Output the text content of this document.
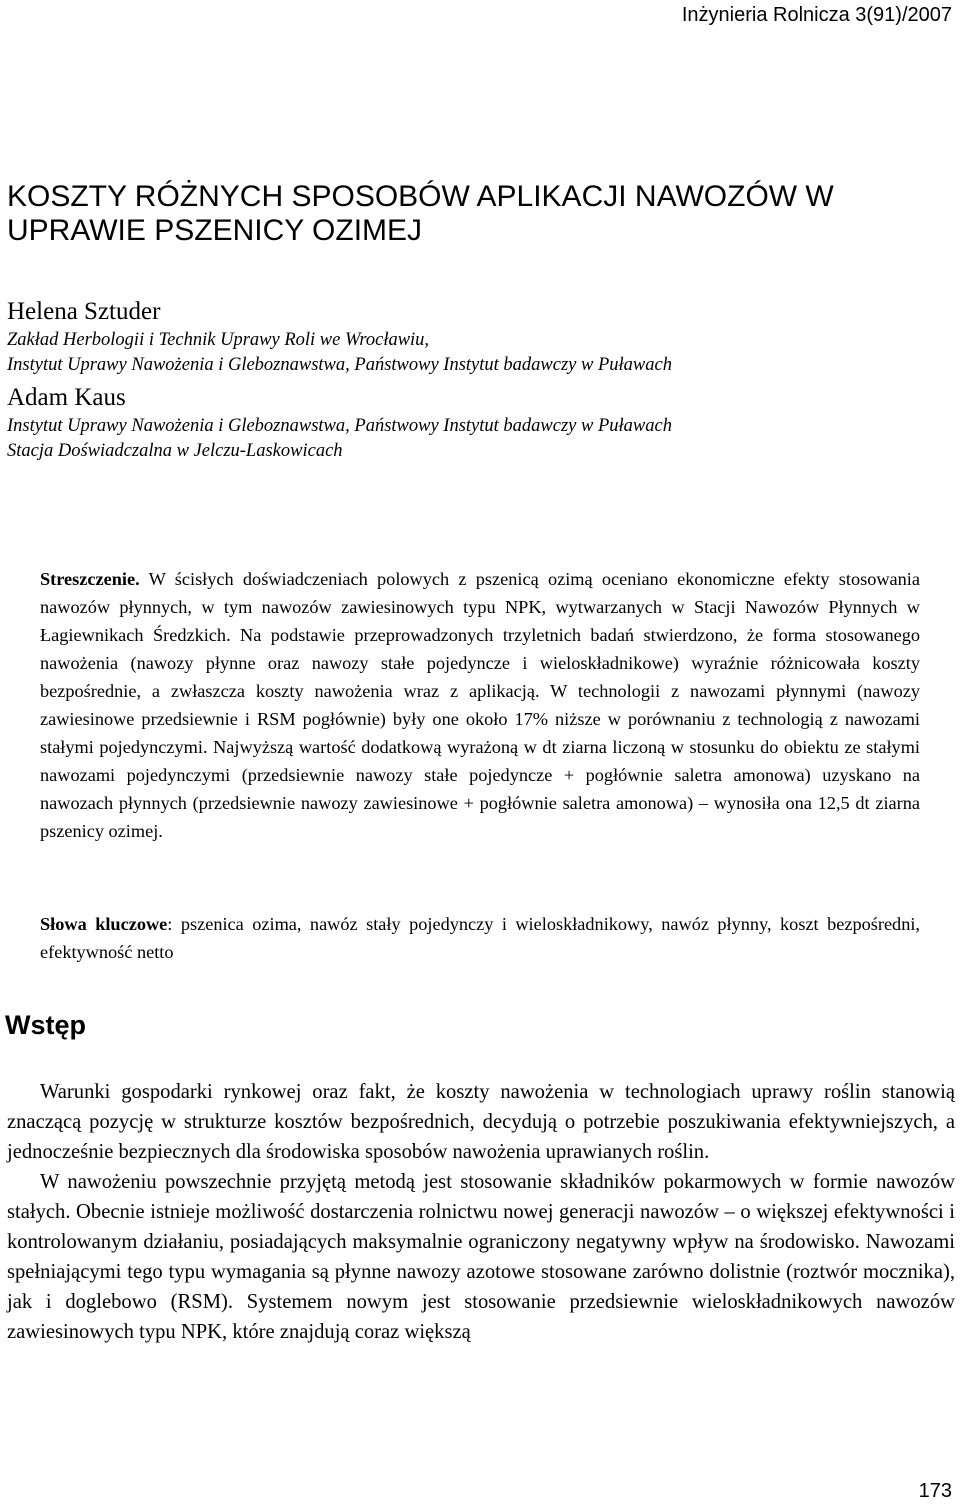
Inżynieria Rolnicza 3(91)/2007
KOSZTY RÓŻNYCH SPOSOBÓW APLIKACJI NAWOZÓW W UPRAWIE PSZENICY OZIMEJ
Helena Sztuder
Zakład Herbologii i Technik Uprawy Roli we Wrocławiu,
Instytut Uprawy Nawożenia i Gleboznawstwa, Państwowy Instytut badawczy w Puławach
Adam Kaus
Instytut Uprawy Nawożenia i Gleboznawstwa, Państwowy Instytut badawczy w Puławach
Stacja Doświadczalna w Jelczu-Laskowicach

Streszczenie. W ścisłych doświadczeniach polowych z pszenicą ozimą oceniano ekonomiczne efekty stosowania nawozów płynnych, w tym nawozów zawiesinowych typu NPK, wytwarzanych w Stacji Nawozów Płynnych w Łagiewnikach Średzkich. Na podstawie przeprowadzonych trzyletnich badań stwierdzono, że forma stosowanego nawożenia (nawozy płynne oraz nawozy stałe pojedyncze i wieloskładnikowe) wyraźnie różnicowała koszty bezpośrednie, a zwłaszcza koszty nawożenia wraz z aplikacją. W technologii z nawozami płynnymi (nawozy zawiesinowe przedsiewnie i RSM pogłównie) były one około 17% niższe w porównaniu z technologią z nawozami stałymi pojedynczymi. Najwyższą wartość dodatkową wyrażoną w dt ziarna liczoną w stosunku do obiektu ze stałymi nawozami pojedynczymi (przedsiewnie nawozy stałe pojedyncze + pogłównie saletra amonowa) uzyskano na nawozach płynnych (przedsiewnie nawozy zawiesinowe + pogłównie saletra amonowa) – wynosiła ona 12,5 dt ziarna pszenicy ozimej.

Słowa kluczowe: pszenica ozima, nawóz stały pojedynczy i wieloskładnikowy, nawóz płynny, koszt bezpośredni, efektywność netto

Wstęp

Warunki gospodarki rynkowej oraz fakt, że koszty nawożenia w technologiach uprawy roślin stanowią znaczącą pozycję w strukturze kosztów bezpośrednich, decydują o potrzebie poszukiwania efektywniejszych, a jednocześnie bezpiecznych dla środowiska sposobów nawożenia uprawianych roślin.

W nawożeniu powszechnie przyjętą metodą jest stosowanie składników pokarmowych w formie nawozów stałych. Obecnie istnieje możliwość dostarczenia rolnictwu nowej generacji nawozów – o większej efektywności i kontrolowanym działaniu, posiadających maksymalnie ograniczony negatywny wpływ na środowisko. Nawozami spełniającymi tego typu wymagania są płynne nawozy azotowe stosowane zarówno dolistnie (roztwór mocznika), jak i doglebowo (RSM). Systemem nowym jest stosowanie przedsiewnie wieloskładnikowych nawozów zawiesinowych typu NPK, które znajdują coraz większą

173
